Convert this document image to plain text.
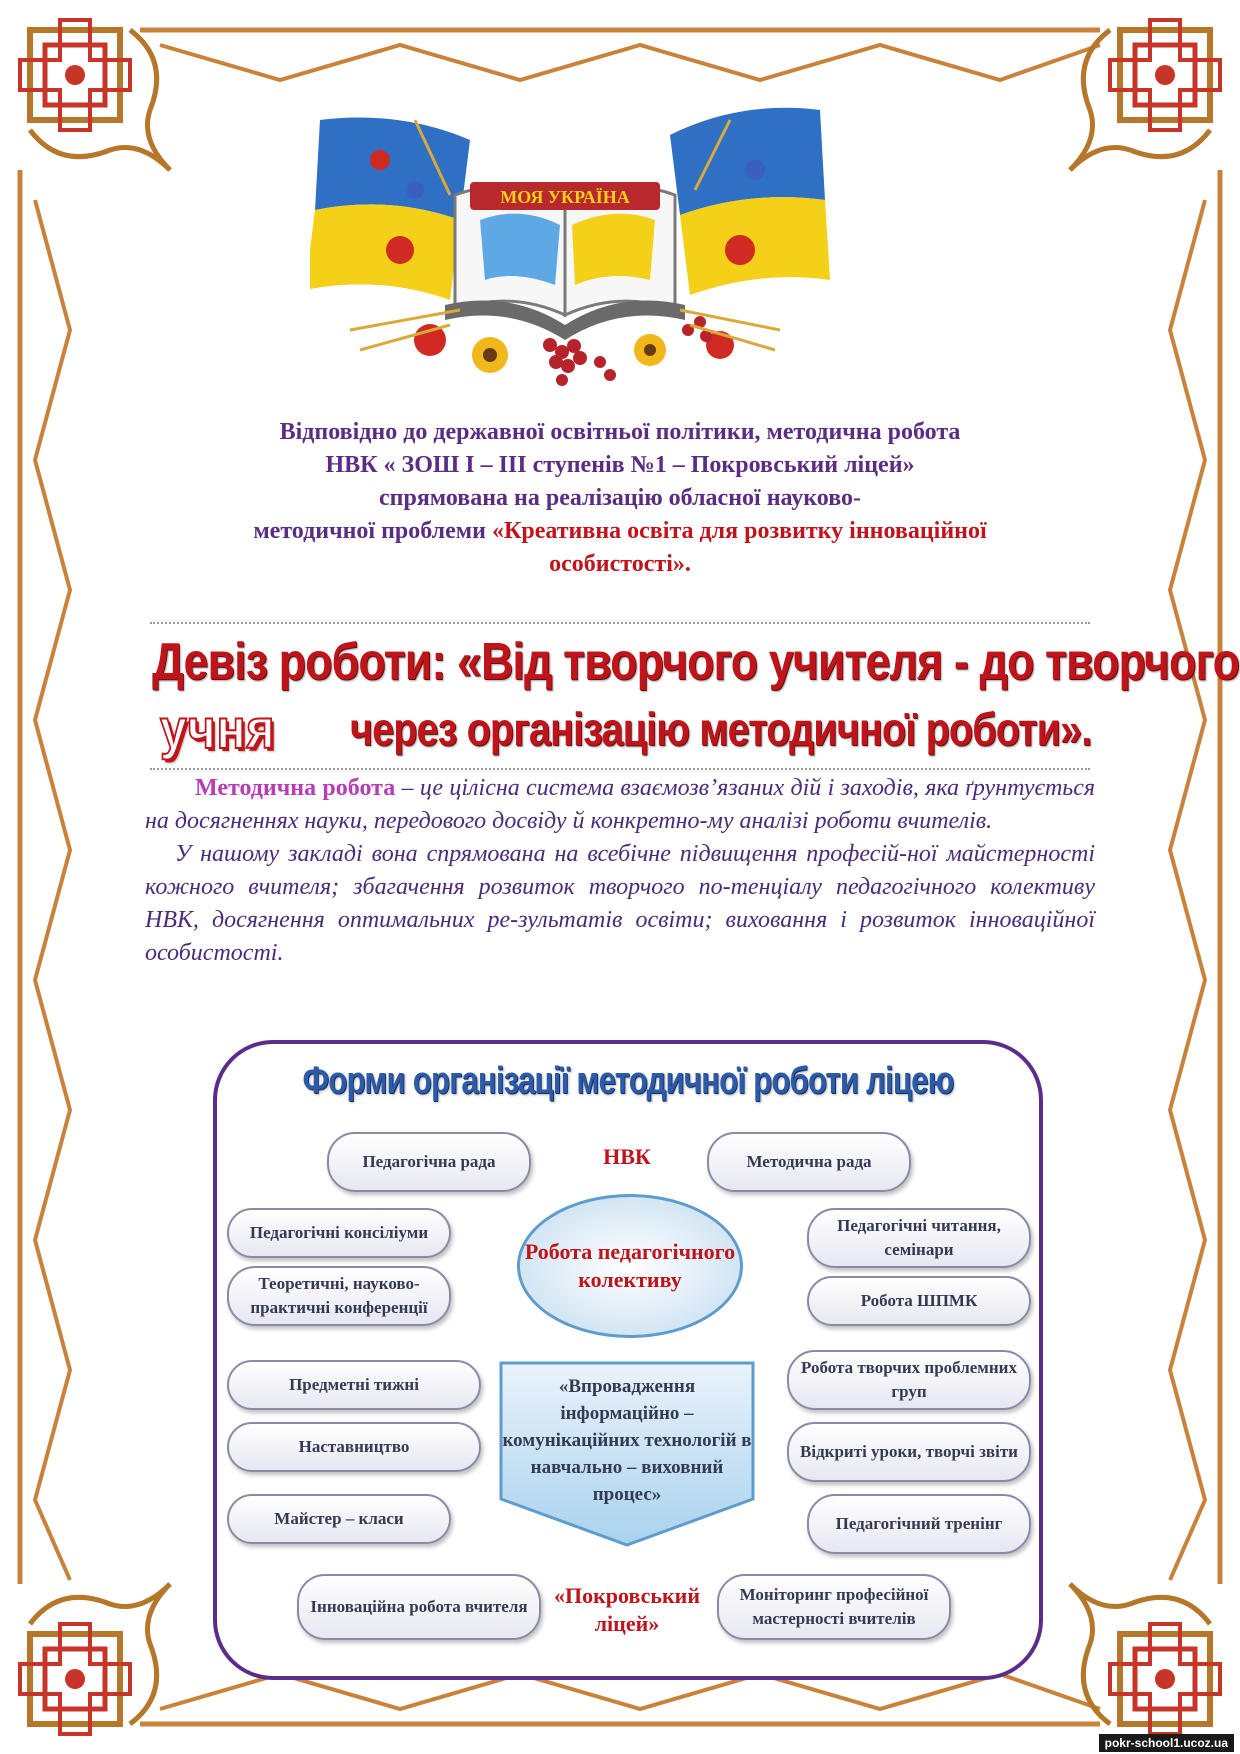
МОЯ УКРАЇНА
Відповідно до державної освітньої політики, методична робота
НВК « ЗОШ І – ІІІ ступенів №1 – Покровський ліцей»
спрямована на реалізацію обласної науково-
методичної проблеми «Креативна освіта для розвитку інноваційної
особистості».
Девіз роботи: «Від творчого учителя - до творчого
учня через організацію методичної роботи».

Методична робота – це цілісна система взаємозв’язаних дій і заходів, яка ґрунтується на досягненнях науки, передового досвіду й конкретно-му аналізі роботи вчителів.

У нашому закладі вона спрямована на всебічне підвищення професій-ної майстерності кожного вчителя; збагачення розвиток творчого по-тенціалу педагогічного колективу НВК, досягнення оптимальних ре-зультатів освіти; виховання і розвиток інноваційної особистості.

Форми організації методичної роботи ліцею
Педагогічна рада	НВК	Методична рада
Робота педагогічного колективу
Педагогічні консіліуми
Теоретичні, науково-практичні конференції
Педагогічні читання, семінари
Робота ШПМК
Предметні тижні
Наставництво
Майстер – класи
Робота творчих проблемних груп
Відкриті уроки, творчі звіти
Педагогічний тренінг
«Впровадження інформаційно – комунікаційних технологій в навчально – виховний процес»
Інноваційна робота вчителя	«Покровський ліцей»
Моніторинг професійної мастерності вчителів
pokr-school1.ucoz.ua
